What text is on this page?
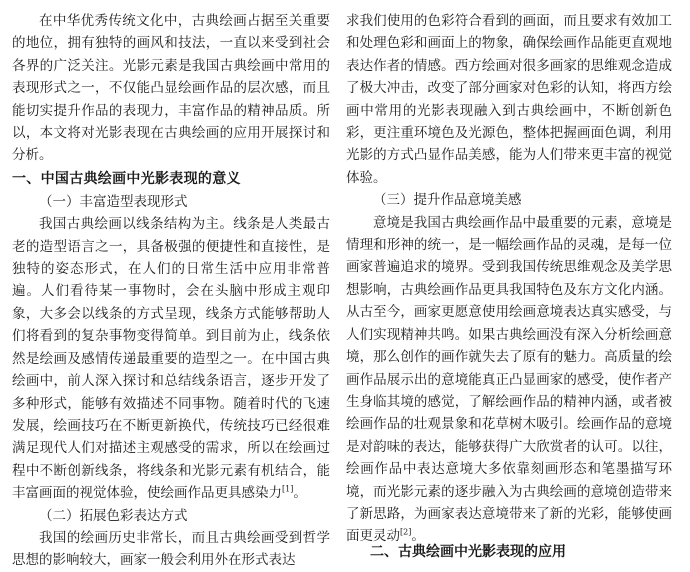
在中华优秀传统文化中，古典绘画占据至关重要的地位，拥有独特的画风和技法，一直以来受到社会各界的广泛关注。光影元素是我国古典绘画中常用的表现形式之一，不仅能凸显绘画作品的层次感，而且能切实提升作品的表现力，丰富作品的精神品质。所以，本文将对光影表现在古典绘画的应用开展探讨和分析。

一、中国古典绘画中光影表现的意义
（一）丰富造型表现形式

我国古典绘画以线条结构为主。线条是人类最古老的造型语言之一，具备极强的便捷性和直接性，是独特的姿态形式，在人们的日常生活中应用非常普遍。人们看待某一事物时，会在头脑中形成主观印象，大多会以线条的方式呈现，线条方式能够帮助人们将看到的复杂事物变得简单。到目前为止，线条依然是绘画及感情传递最重要的造型之一。在中国古典绘画中，前人深入探讨和总结线条语言，逐步开发了多种形式，能够有效描述不同事物。随着时代的飞速发展，绘画技巧在不断更新换代，传统技巧已经很难满足现代人们对描述主观感受的需求，所以在绘画过程中不断创新线条，将线条和光影元素有机结合，能丰富画面的视觉体验，使绘画作品更具感染力[1]。

（二）拓展色彩表达方式

我国的绘画历史非常长，而且古典绘画受到哲学思想的影响较大，画家一般会利用外在形式表达

求我们使用的色彩符合看到的画面，而且要求有效加工和处理色彩和画面上的物象，确保绘画作品能更直观地表达作者的情感。西方绘画对很多画家的思维观念造成了极大冲击，改变了部分画家对色彩的认知，将西方绘画中常用的光影表现融入到古典绘画中，不断创新色彩，更注重环境色及光源色，整体把握画面色调，利用光影的方式凸显作品美感，能为人们带来更丰富的视觉体验。

（三）提升作品意境美感

意境是我国古典绘画作品中最重要的元素，意境是情理和形神的统一，是一幅绘画作品的灵魂，是每一位画家普遍追求的境界。受到我国传统思维观念及美学思想影响，古典绘画作品更具我国特色及东方文化内涵。从古至今，画家更愿意使用绘画意境表达真实感受，与人们实现精神共鸣。如果古典绘画没有深入分析绘画意境，那么创作的画作就失去了原有的魅力。高质量的绘画作品展示出的意境能真正凸显画家的感受，使作者产生身临其境的感觉，了解绘画作品的精神内涵，或者被绘画作品的壮观景象和花草树木吸引。绘画作品的意境是对韵味的表达，能够获得广大欣赏者的认可。以往，绘画作品中表达意境大多依靠刻画形态和笔墨描写环境，而光影元素的逐步融入为古典绘画的意境创造带来了新思路，为画家表达意境带来了新的光彩，能够使画面更灵动[2]。

二、古典绘画中光影表现的应用
